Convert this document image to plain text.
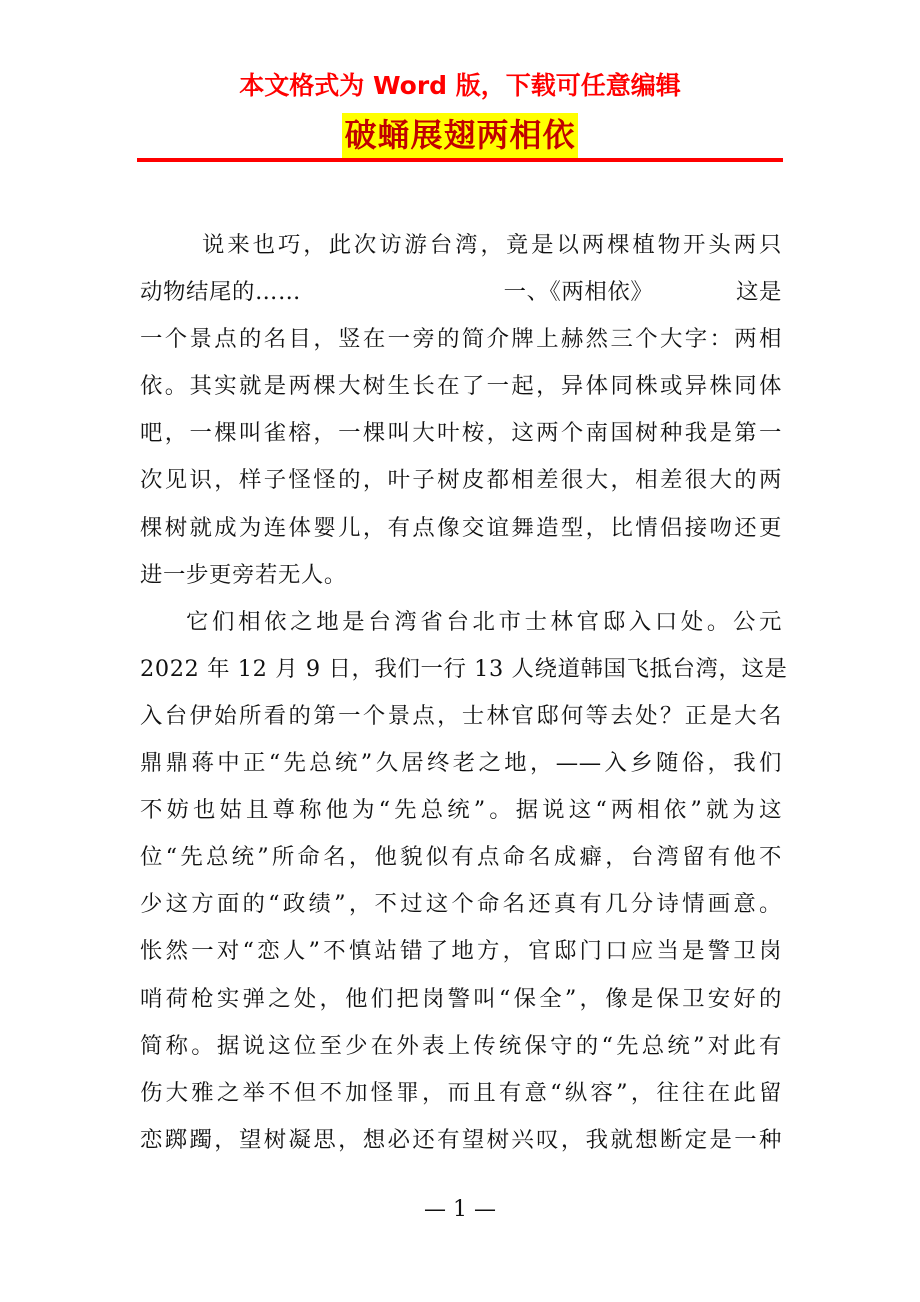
本文格式为 Word 版，下载可任意编辑
破蛹展翅两相依
说来也巧，此次访游台湾，竟是以两棵植物开头两只
动物结尾的……	一、《两相依》	这是
一个景点的名目，竖在一旁的简介牌上赫然三个大字：两相
依。其实就是两棵大树生长在了一起，异体同株或异株同体
吧，一棵叫雀榕，一棵叫大叶桉，这两个南国树种我是第一
次见识，样子怪怪的，叶子树皮都相差很大，相差很大的两
棵树就成为连体婴儿，有点像交谊舞造型，比情侣接吻还更
进一步更旁若无人。
它们相依之地是台湾省台北市士林官邸入口处。公元
2022 年 12 月 9 日，我们一行 13 人绕道韩国飞抵台湾，这是
入台伊始所看的第一个景点，士林官邸何等去处？正是大名
鼎鼎蒋中正“先总统”久居终老之地，——入乡随俗，我们
不妨也姑且尊称他为“先总统”。据说这“两相依”就为这
位“先总统”所命名，他貌似有点命名成癖，台湾留有他不
少这方面的“政绩”，不过这个命名还真有几分诗情画意。
怅然一对“恋人”不慎站错了地方，官邸门口应当是警卫岗
哨荷枪实弹之处，他们把岗警叫“保全”，像是保卫安好的
简称。据说这位至少在外表上传统保守的“先总统”对此有
伤大雅之举不但不加怪罪，而且有意“纵容”，往往在此留
恋踯躅，望树凝思，想必还有望树兴叹，我就想断定是一种
— 1 —
